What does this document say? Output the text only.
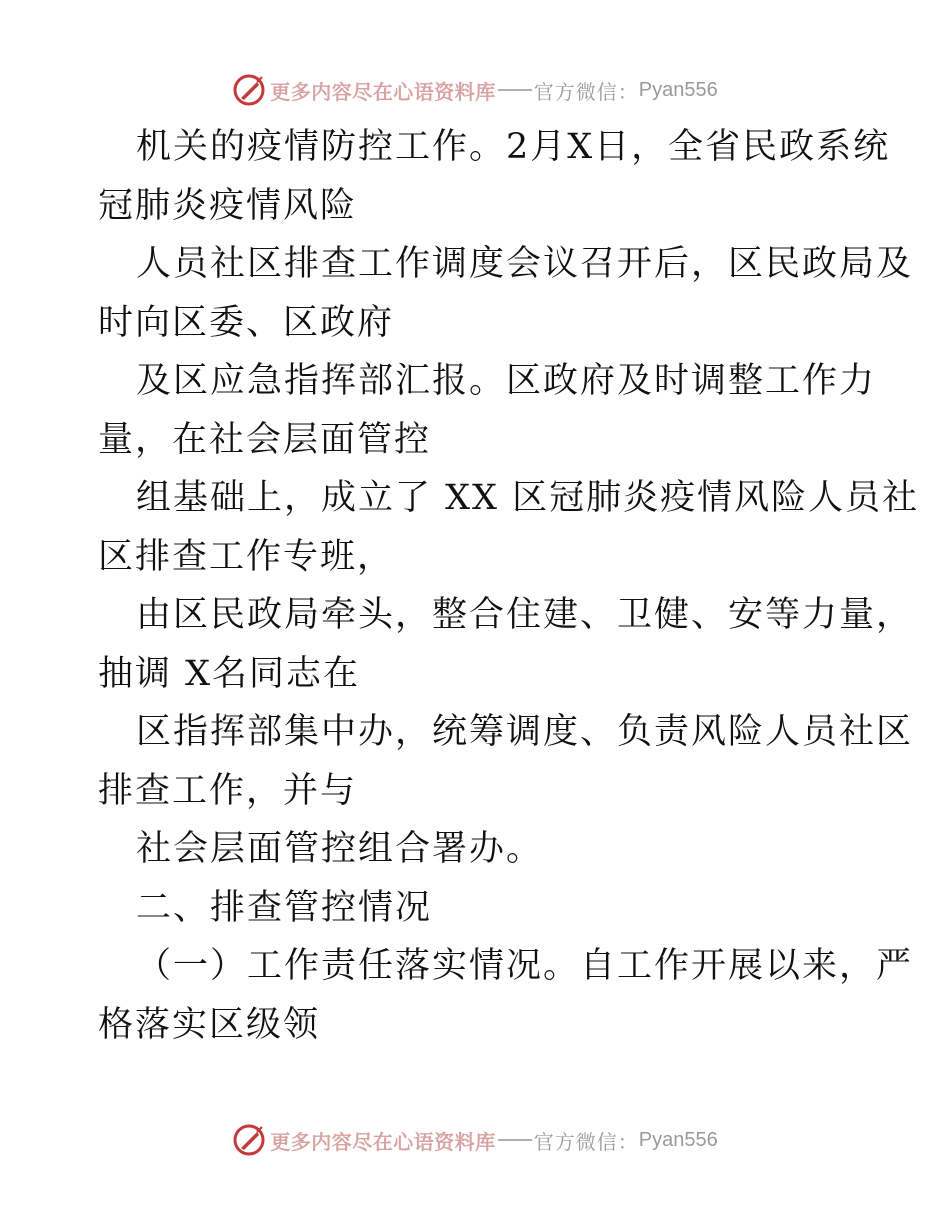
更多内容尽在心语资料库 官方微信： Pyan556
机关的疫情防控工作。2月X日，全省民政系统
冠肺炎疫情风险
人员社区排查工作调度会议召开后，区民政局及
时向区委、区政府
及区应急指挥部汇报。区政府及时调整工作力
量，在社会层面管控
组基础上，成立了 XX 区冠肺炎疫情风险人员社
区排查工作专班，
由区民政局牵头，整合住建、卫健、安等力量，
抽调 X名同志在
区指挥部集中办，统筹调度、负责风险人员社区
排查工作，并与
社会层面管控组合署办。
二、排查管控情况
（一）工作责任落实情况。自工作开展以来，严
格落实区级领
更多内容尽在心语资料库 官方微信： Pyan556
